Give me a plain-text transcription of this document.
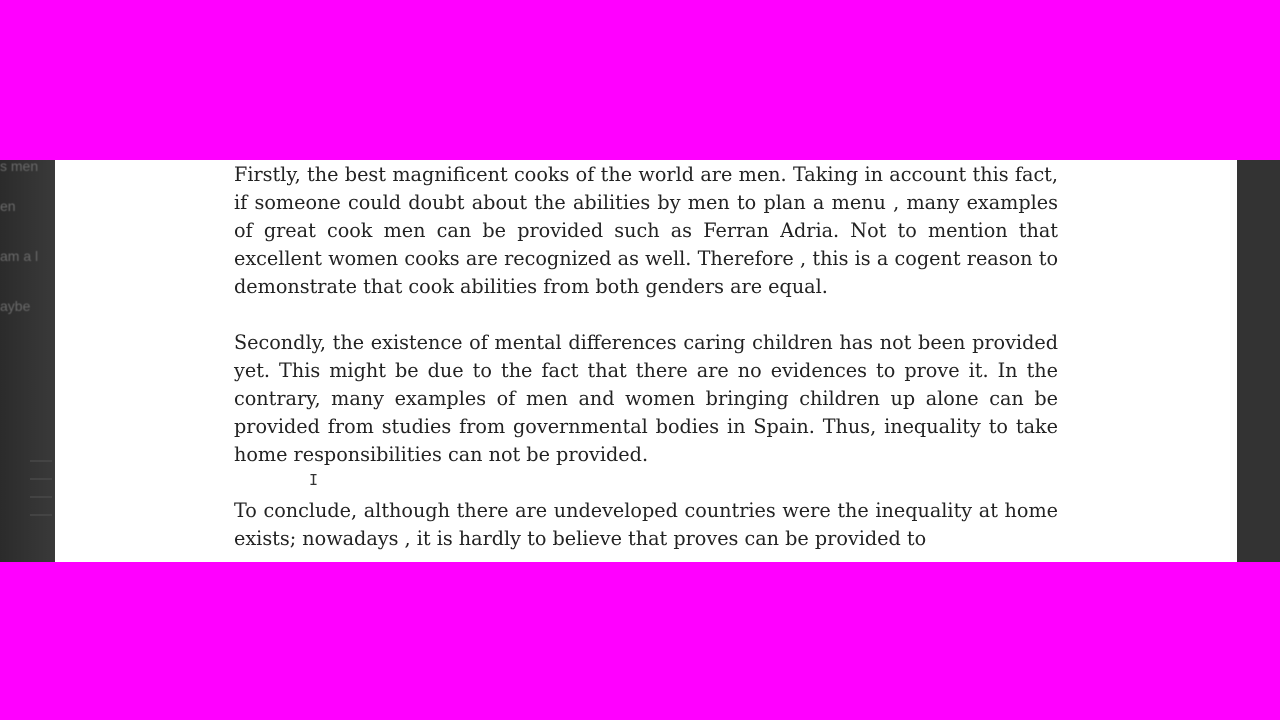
s men
en
am a l
aybe

Firstly, the best magnificent cooks of the world are men. Taking in account this fact, if someone could doubt about the abilities by men to plan a menu , many examples of great cook men can be provided such as Ferran Adria. Not to mention that excellent women cooks are recognized as well. Therefore , this is a cogent reason to demonstrate that cook abilities from both genders are equal.

Secondly, the existence of mental differences caring children has not been provided yet. This might be due to the fact that there are no evidences to prove it. In the contrary, many examples of men and women bringing children up alone can be provided from studies from governmental bodies in Spain. Thus, inequality to take home responsibilities can not be provided.

To conclude, although there are undeveloped countries were the inequality at home exists; nowadays , it is hardly to believe that proves can be provided to

I
